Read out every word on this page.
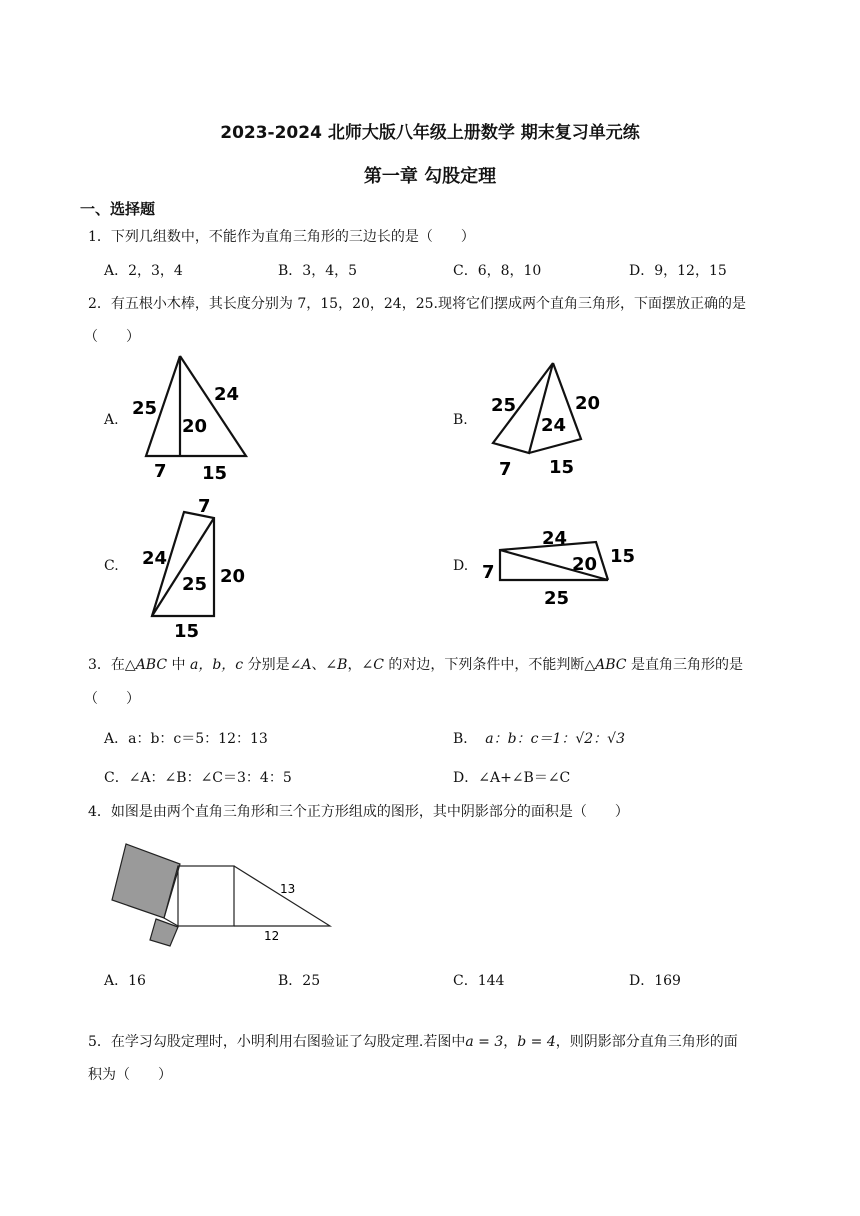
2023-2024 北师大版八年级上册数学 期末复习单元练
第一章 勾股定理
一、选择题
1．下列几组数中，不能作为直角三角形的三边长的是（　　）
A．2，3，4	B．3，4，5	C．6，8，10	D．9，12，15
2．有五根小木棒，其长度分别为 7，15，20，24，25.现将它们摆成两个直角三角形，下面摆放正确的是
（　　）
A.
25
24
20
7 15
B.
25	20
24
7 15
C.
7
24
25 20
15
D.
24
20 15
7
25
3．在△ABC 中 a，b，c 分别是∠A、∠B，∠C 的对边，下列条件中，不能判断△ABC 是直角三角形的是
（　　）
A．a：b：c＝5：12：13	B． a：b：c＝1：√2：√3
C．∠A：∠B：∠C＝3：4：5	D．∠A+∠B＝∠C
4．如图是由两个直角三角形和三个正方形组成的图形，其中阴影部分的面积是（　　）
13
12
A．16	B．25	C．144	D．169
5．在学习勾股定理时，小明利用右图验证了勾股定理.若图中a = 3，b = 4，则阴影部分直角三角形的面
积为（　　）
